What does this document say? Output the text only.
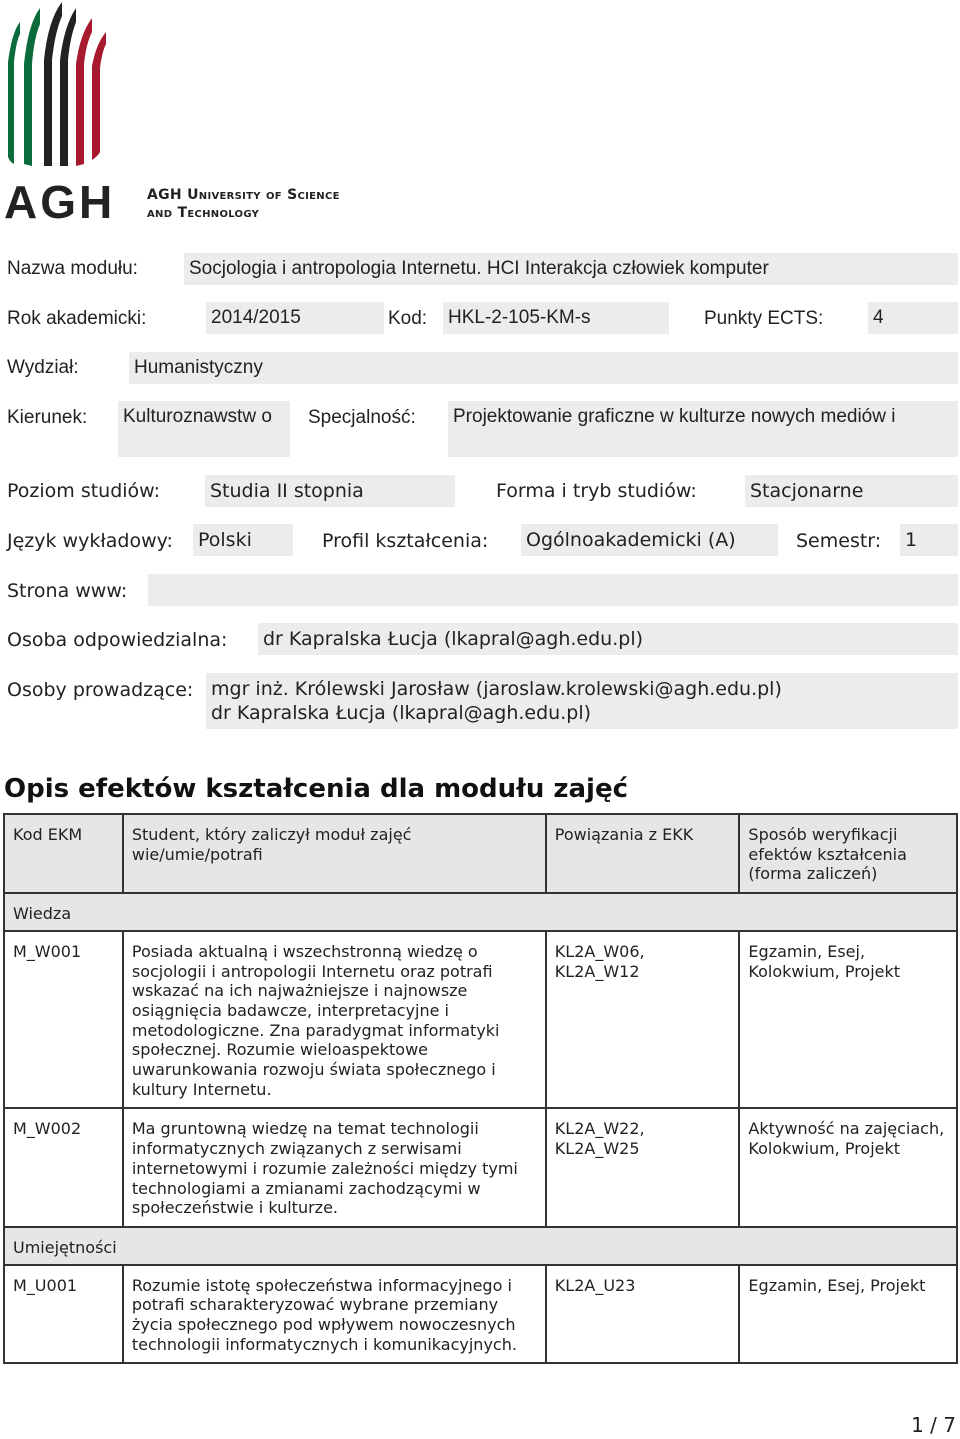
AGH AGH University of Science
and Technology
Nazwa modułu:	Socjologia i antropologia Internetu. HCI Interakcja człowiek komputer
Rok akademicki:	2014/2015	Kod: HKL-2-105-KM-s	Punkty ECTS:	4
Wydział:	Humanistyczny
Kierunek: Kulturoznawstw o	Specjalność: Projektowanie graficzne w kulturze nowych mediów i
Poziom studiów:	Studia II stopnia	Forma i tryb studiów:	Stacjonarne
Język wykładowy: Polski	Profil kształcenia: Ogólnoakademicki (A)	Semestr: 1
Strona www:
Osoba odpowiedzialna: dr Kapralska Łucja (lkapral@agh.edu.pl)
Osoby prowadzące: mgr inż. Królewski Jarosław (jaroslaw.krolewski@agh.edu.pl)
dr Kapralska Łucja (lkapral@agh.edu.pl)
Opis efektów kształcenia dla modułu zajęć
Kod EKM	Student, który zaliczył moduł zajęć wie/umie/potrafi	Powiązania z EKK	Sposób weryfikacji efektów kształcenia (forma zaliczeń)
Wiedza			
M_W001	Posiada aktualną i wszechstronną wiedzę o socjologii i antropologii Internetu oraz potrafi wskazać na ich najważniejsze i najnowsze osiągnięcia badawcze, interpretacyjne i metodologiczne. Zna paradygmat informatyki społecznej. Rozumie wieloaspektowe uwarunkowania rozwoju świata społecznego i kultury Internetu.	KL2A_W06, KL2A_W12	Egzamin, Esej, Kolokwium, Projekt
M_W002	Ma gruntowną wiedzę na temat technologii informatycznych związanych z serwisami internetowymi i rozumie zależności między tymi technologiami a zmianami zachodzącymi w społeczeństwie i kulturze.	KL2A_W22, KL2A_W25	Aktywność na zajęciach, Kolokwium, Projekt
Umiejętności			
M_U001	Rozumie istotę społeczeństwa informacyjnego i potrafi scharakteryzować wybrane przemiany życia społecznego pod wpływem nowoczesnych technologii informatycznych i komunikacyjnych.	KL2A_U23	Egzamin, Esej, Projekt
1 / 7
